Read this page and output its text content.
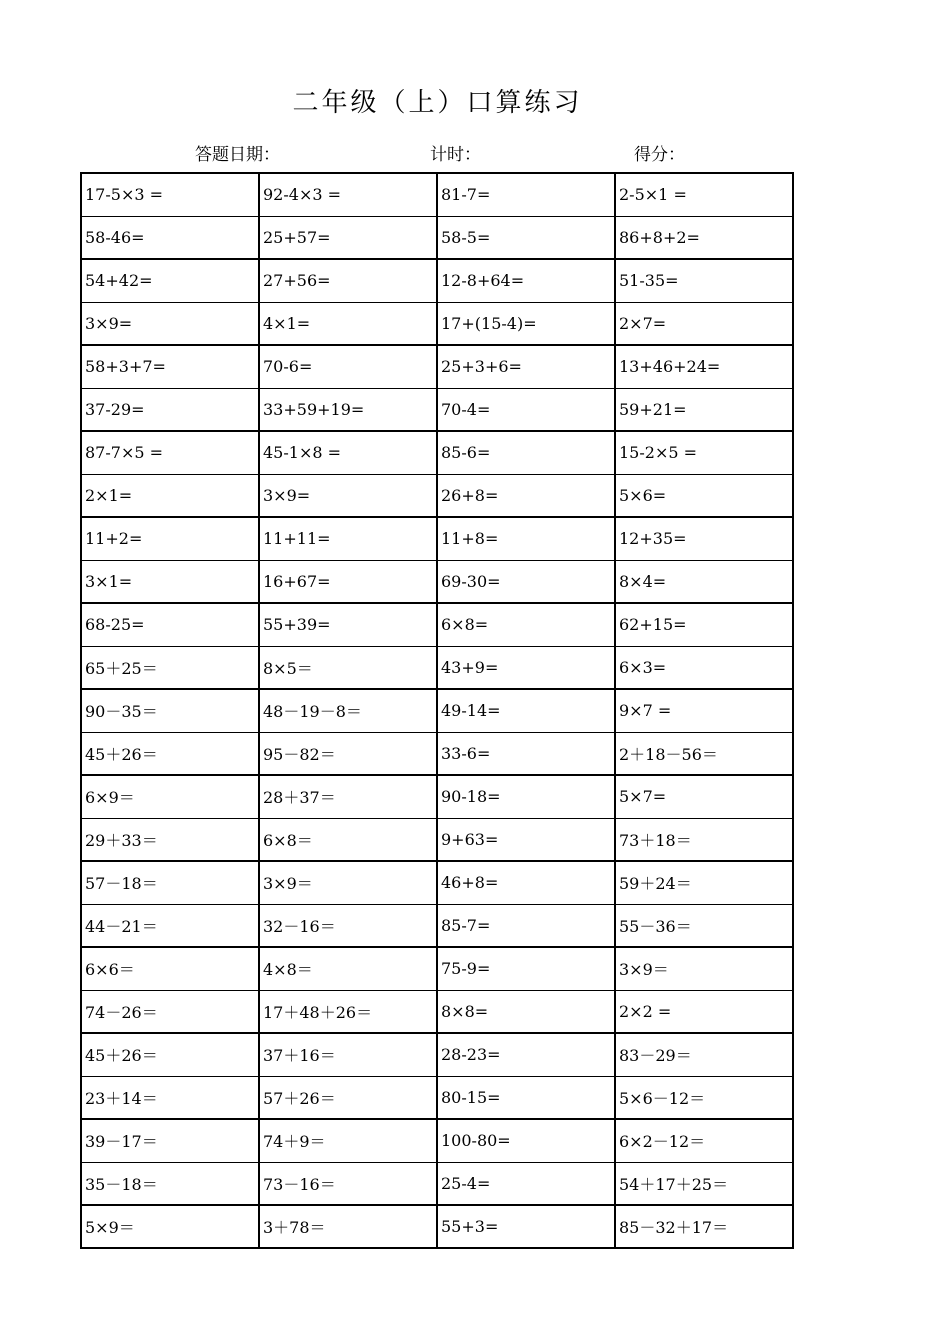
二年级（上）口算练习
答题日期：	计时：	得分：
17-5×3 =	92-4×3 =	81-7=	2-5×1 =
58-46=	25+57=	58-5=	86+8+2=
54+42=	27+56=	12-8+64=	51-35=
3×9=	4×1=	17+(15-4)=	2×7=
58+3+7=	70-6=	25+3+6=	13+46+24=
37-29=	33+59+19=	70-4=	59+21=
87-7×5 =	45-1×8 =	85-6=	15-2×5 =
2×1=	3×9=	26+8=	5×6=
11+2=	11+11=	11+8=	12+35=
3×1=	16+67=	69-30=	8×4=
68-25=	55+39=	6×8=	62+15=
65＋25＝	8×5＝	43+9=	6×3=
90－35＝	48－19－8＝	49-14=	9×7 =
45＋26＝	95－82＝	33-6=	2＋18－56＝
6×9＝	28＋37＝	90-18=	5×7=
29＋33＝	6×8＝	9+63=	73＋18＝
57－18＝	3×9＝	46+8=	59＋24＝
44－21＝	32－16＝	85-7=	55－36＝
6×6＝	4×8＝	75-9=	3×9＝
74－26＝	17＋48＋26＝	8×8=	2×2 =
45＋26＝	37＋16＝	28-23=	83－29＝
23＋14＝	57＋26＝	80-15=	5×6－12＝
39－17＝	74＋9＝	100-80=	6×2－12＝
35－18＝	73－16＝	25-4=	54＋17＋25＝
5×9＝	3＋78＝	55+3=	85－32＋17＝
